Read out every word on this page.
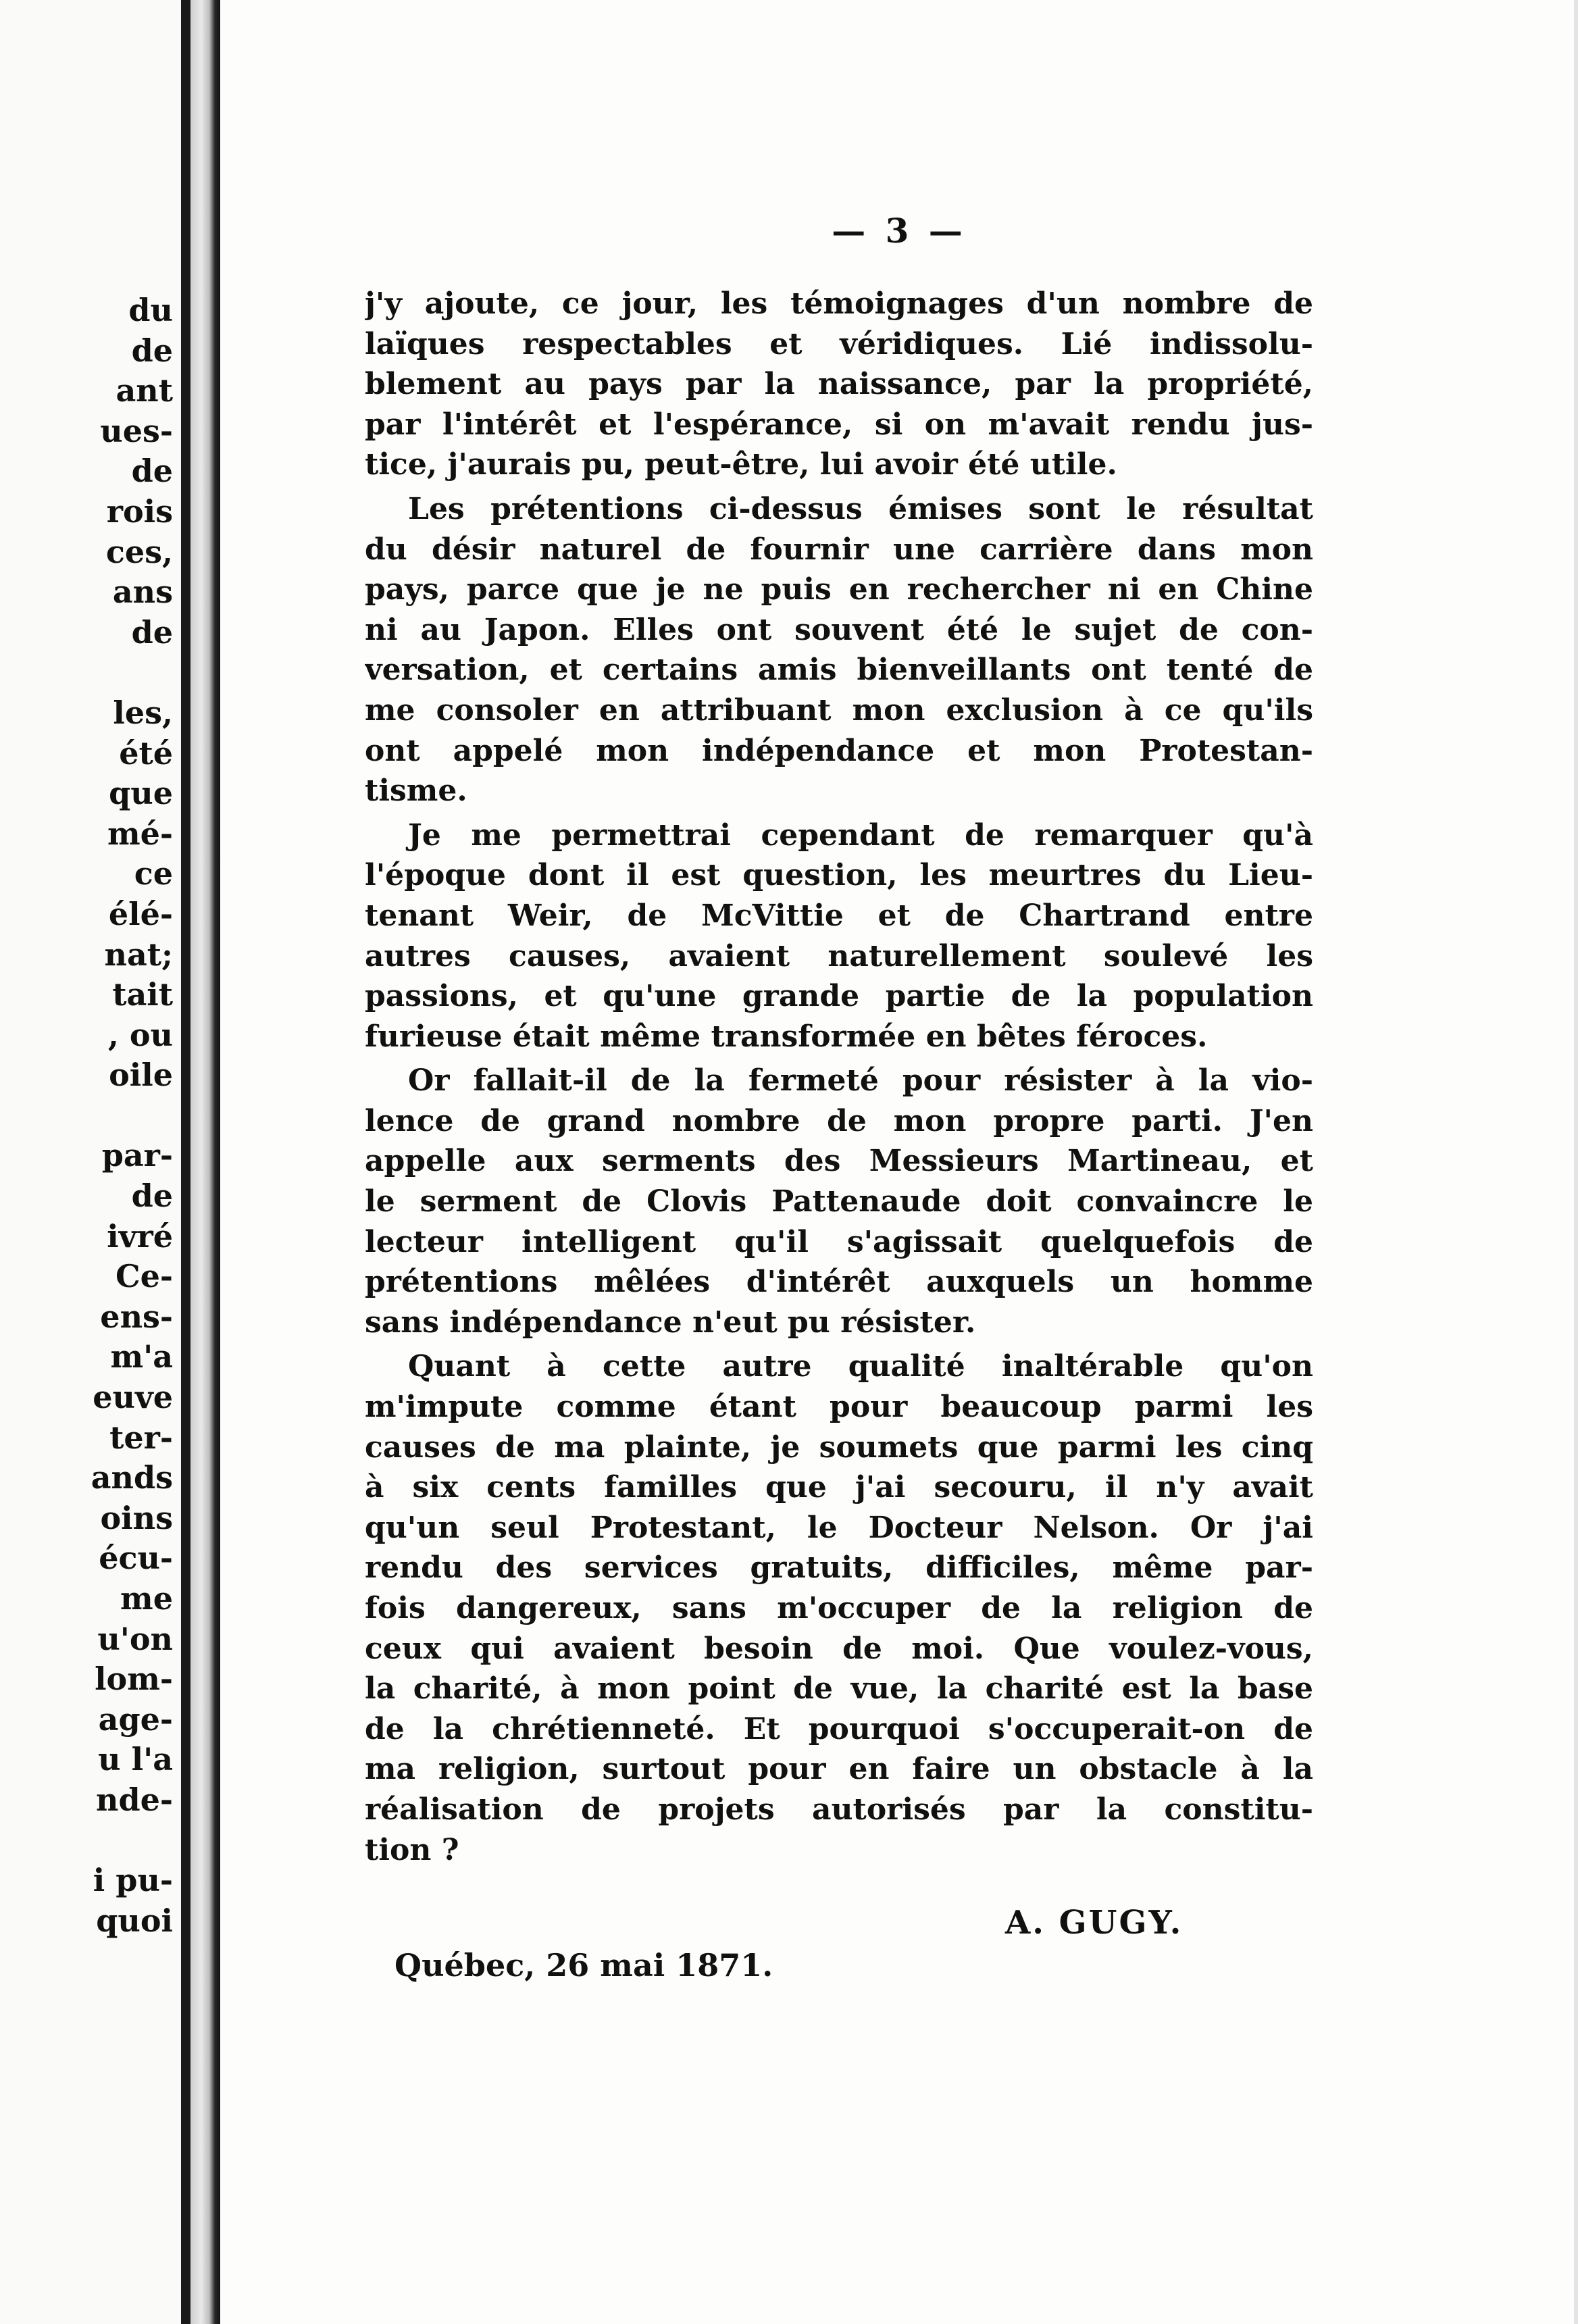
du
de
ant
ues-
de
rois
ces,
ans
de
les,
été
que
mé-
ce
élé-
nat;
tait
, ou
oile
par-
de
ivré
Ce-
ens-
m'a
euve
ter-
ands
oins
écu-
me
u'on
lom-
age-
u l'a
nde-
i pu-
quoi
— 3 —
j'y ajoute, ce jour, les témoignages d'un nombre de
laïques respectables et véridiques. Lié indissolu-
blement au pays par la naissance, par la propriété,
par l'intérêt et l'espérance, si on m'avait rendu jus-
tice, j'aurais pu, peut-être, lui avoir été utile.
Les prétentions ci-dessus émises sont le résultat
du désir naturel de fournir une carrière dans mon
pays, parce que je ne puis en rechercher ni en Chine
ni au Japon. Elles ont souvent été le sujet de con-
versation, et certains amis bienveillants ont tenté de
me consoler en attribuant mon exclusion à ce qu'ils
ont appelé mon indépendance et mon Protestan-
tisme.
Je me permettrai cependant de remarquer qu'à
l'époque dont il est question, les meurtres du Lieu-
tenant Weir, de McVittie et de Chartrand entre
autres causes, avaient naturellement soulevé les
passions, et qu'une grande partie de la population
furieuse était même transformée en bêtes féroces.
Or fallait-il de la fermeté pour résister à la vio-
lence de grand nombre de mon propre parti. J'en
appelle aux serments des Messieurs Martineau, et
le serment de Clovis Pattenaude doit convaincre le
lecteur intelligent qu'il s'agissait quelquefois de
prétentions mêlées d'intérêt auxquels un homme
sans indépendance n'eut pu résister.
Quant à cette autre qualité inaltérable qu'on
m'impute comme étant pour beaucoup parmi les
causes de ma plainte, je soumets que parmi les cinq
à six cents familles que j'ai secouru, il n'y avait
qu'un seul Protestant, le Docteur Nelson. Or j'ai
rendu des services gratuits, difficiles, même par-
fois dangereux, sans m'occuper de la religion de
ceux qui avaient besoin de moi. Que voulez-vous,
la charité, à mon point de vue, la charité est la base
de la chrétienneté. Et pourquoi s'occuperait-on de
ma religion, surtout pour en faire un obstacle à la
réalisation de projets autorisés par la constitu-
tion ?
A. GUGY.
Québec, 26 mai 1871.
